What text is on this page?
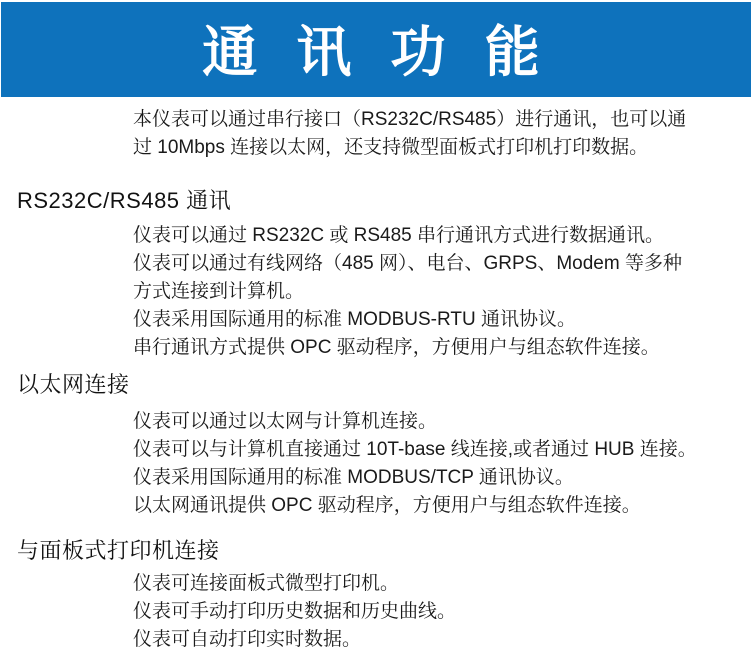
通 讯 功 能
本仪表可以通过串行接口（RS232C/RS485）进行通讯，也可以通
过 10Mbps 连接以太网，还支持微型面板式打印机打印数据。
RS232C/RS485 通讯
仪表可以通过 RS232C 或 RS485 串行通讯方式进行数据通讯。
仪表可以通过有线网络（485 网）、电台、GRPS、Modem 等多种
方式连接到计算机。
仪表采用国际通用的标准 MODBUS-RTU 通讯协议。
串行通讯方式提供 OPC 驱动程序，方便用户与组态软件连接。
以太网连接
仪表可以通过以太网与计算机连接。
仪表可以与计算机直接通过 10T-base 线连接,或者通过 HUB 连接。
仪表采用国际通用的标准 MODBUS/TCP 通讯协议。
以太网通讯提供 OPC 驱动程序，方便用户与组态软件连接。
与面板式打印机连接
仪表可连接面板式微型打印机。
仪表可手动打印历史数据和历史曲线。
仪表可自动打印实时数据。
